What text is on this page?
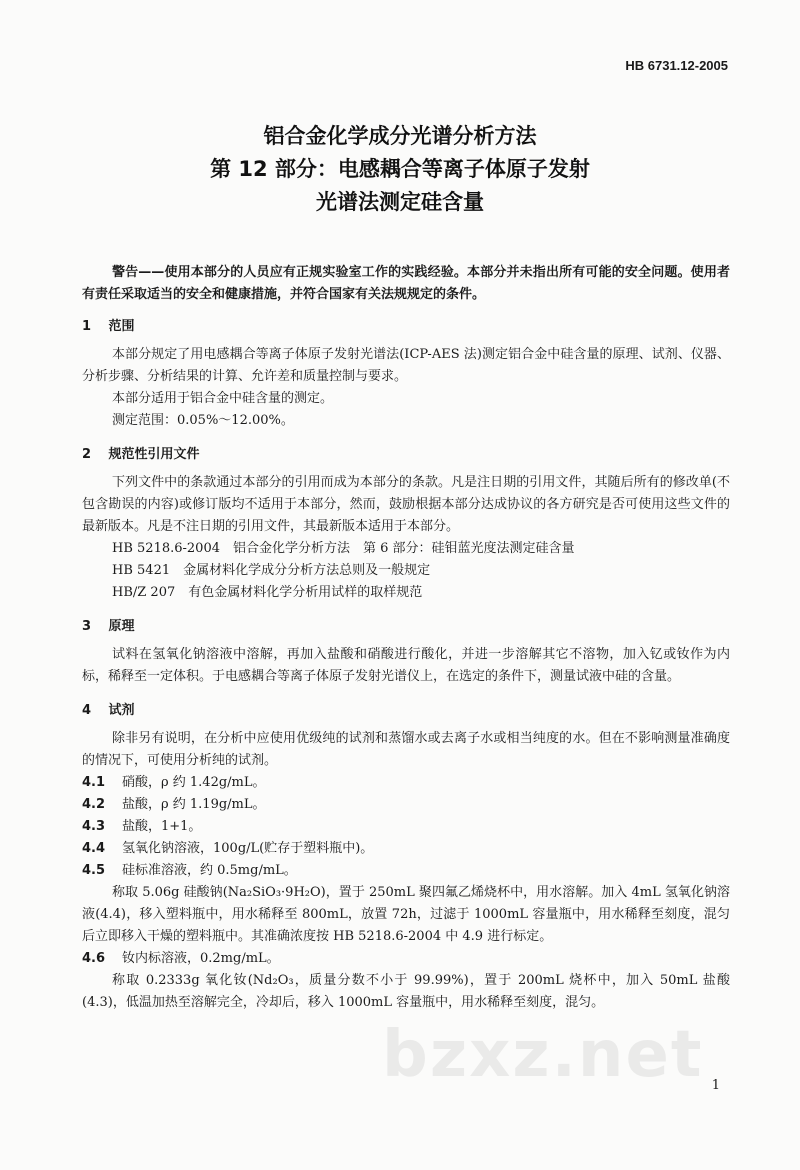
HB 6731.12-2005
铝合金化学成分光谱分析方法
第 12 部分：电感耦合等离子体原子发射
光谱法测定硅含量

警告——使用本部分的人员应有正规实验室工作的实践经验。本部分并未指出所有可能的安全问题。使用者有责任采取适当的安全和健康措施，并符合国家有关法规规定的条件。

1 范围

本部分规定了用电感耦合等离子体原子发射光谱法(ICP-AES 法)测定铝合金中硅含量的原理、试剂、仪器、分析步骤、分析结果的计算、允许差和质量控制与要求。

本部分适用于铝合金中硅含量的测定。

测定范围：0.05%～12.00%。

2 规范性引用文件

下列文件中的条款通过本部分的引用而成为本部分的条款。凡是注日期的引用文件，其随后所有的修改单(不包含勘误的内容)或修订版均不适用于本部分，然而，鼓励根据本部分达成协议的各方研究是否可使用这些文件的最新版本。凡是不注日期的引用文件，其最新版本适用于本部分。

HB 5218.6-2004　铝合金化学分析方法　第 6 部分：硅钼蓝光度法测定硅含量

HB 5421　金属材料化学成分分析方法总则及一般规定

HB/Z 207　有色金属材料化学分析用试样的取样规范

3 原理

试料在氢氧化钠溶液中溶解，再加入盐酸和硝酸进行酸化，并进一步溶解其它不溶物，加入钇或钕作为内标，稀释至一定体积。于电感耦合等离子体原子发射光谱仪上，在选定的条件下，测量试液中硅的含量。

4 试剂

除非另有说明，在分析中应使用优级纯的试剂和蒸馏水或去离子水或相当纯度的水。但在不影响测量准确度的情况下，可使用分析纯的试剂。

4.1 硝酸，ρ 约 1.42g/mL。

4.2 盐酸，ρ 约 1.19g/mL。

4.3 盐酸，1+1。

4.4 氢氧化钠溶液，100g/L(贮存于塑料瓶中)。

4.5 硅标准溶液，约 0.5mg/mL。

称取 5.06g 硅酸钠(Na₂SiO₃·9H₂O)，置于 250mL 聚四氟乙烯烧杯中，用水溶解。加入 4mL 氢氧化钠溶液(4.4)，移入塑料瓶中，用水稀释至 800mL，放置 72h，过滤于 1000mL 容量瓶中，用水稀释至刻度，混匀后立即移入干燥的塑料瓶中。其准确浓度按 HB 5218.6-2004 中 4.9 进行标定。

4.6 钕内标溶液，0.2mg/mL。

称取 0.2333g 氧化钕(Nd₂O₃，质量分数不小于 99.99%)，置于 200mL 烧杯中，加入 50mL 盐酸(4.3)，低温加热至溶解完全，冷却后，移入 1000mL 容量瓶中，用水稀释至刻度，混匀。

bzxz.net 1
